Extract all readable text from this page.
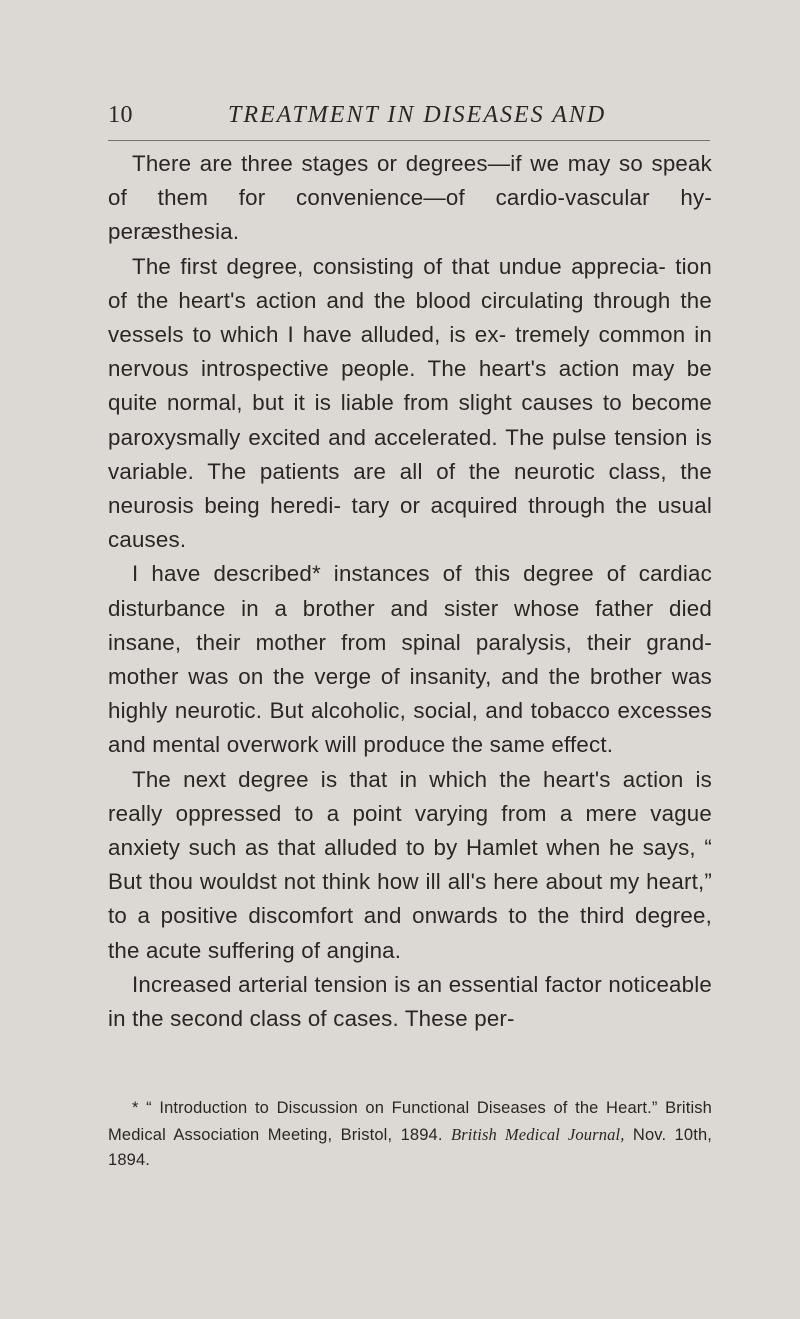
10	TREATMENT IN DISEASES AND

There are three stages or degrees—if we may so speak of them for convenience—of cardio-vascular hy- peræsthesia.

The first degree, consisting of that undue apprecia- tion of the heart's action and the blood circulating through the vessels to which I have alluded, is ex- tremely common in nervous introspective people. The heart's action may be quite normal, but it is liable from slight causes to become paroxysmally excited and accelerated. The pulse tension is variable. The patients are all of the neurotic class, the neurosis being heredi- tary or acquired through the usual causes.

I have described* instances of this degree of cardiac disturbance in a brother and sister whose father died insane, their mother from spinal paralysis, their grand- mother was on the verge of insanity, and the brother was highly neurotic. But alcoholic, social, and tobacco excesses and mental overwork will produce the same effect.

The next degree is that in which the heart's action is really oppressed to a point varying from a mere vague anxiety such as that alluded to by Hamlet when he says, “ But thou wouldst not think how ill all's here about my heart,” to a positive discomfort and onwards to the third degree, the acute suffering of angina.

Increased arterial tension is an essential factor noticeable in the second class of cases. These per-

* “ Introduction to Discussion on Functional Diseases of the Heart.” British Medical Association Meeting, Bristol, 1894. British Medical Journal, Nov. 10th, 1894.
